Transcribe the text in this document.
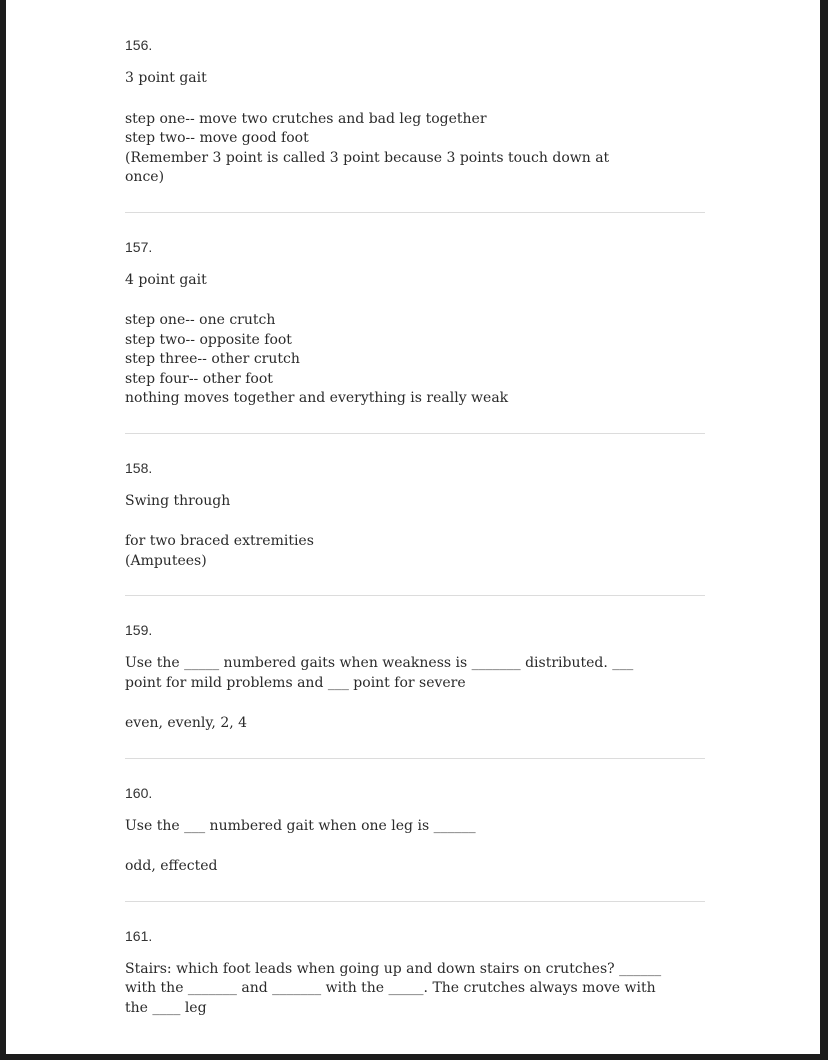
156.
3 point gait
step one-- move two crutches and bad leg together
step two-- move good foot
(Remember 3 point is called 3 point because 3 points touch down at
once)
157.
4 point gait
step one-- one crutch
step two-- opposite foot
step three-- other crutch
step four-- other foot
nothing moves together and everything is really weak
158.
Swing through
for two braced extremities
(Amputees)
159.
Use the _____ numbered gaits when weakness is _______ distributed. ___
point for mild problems and ___ point for severe
even, evenly, 2, 4
160.
Use the ___ numbered gait when one leg is ______
odd, effected
161.
Stairs: which foot leads when going up and down stairs on crutches? ______
with the _______ and _______ with the _____. The crutches always move with
the ____ leg
